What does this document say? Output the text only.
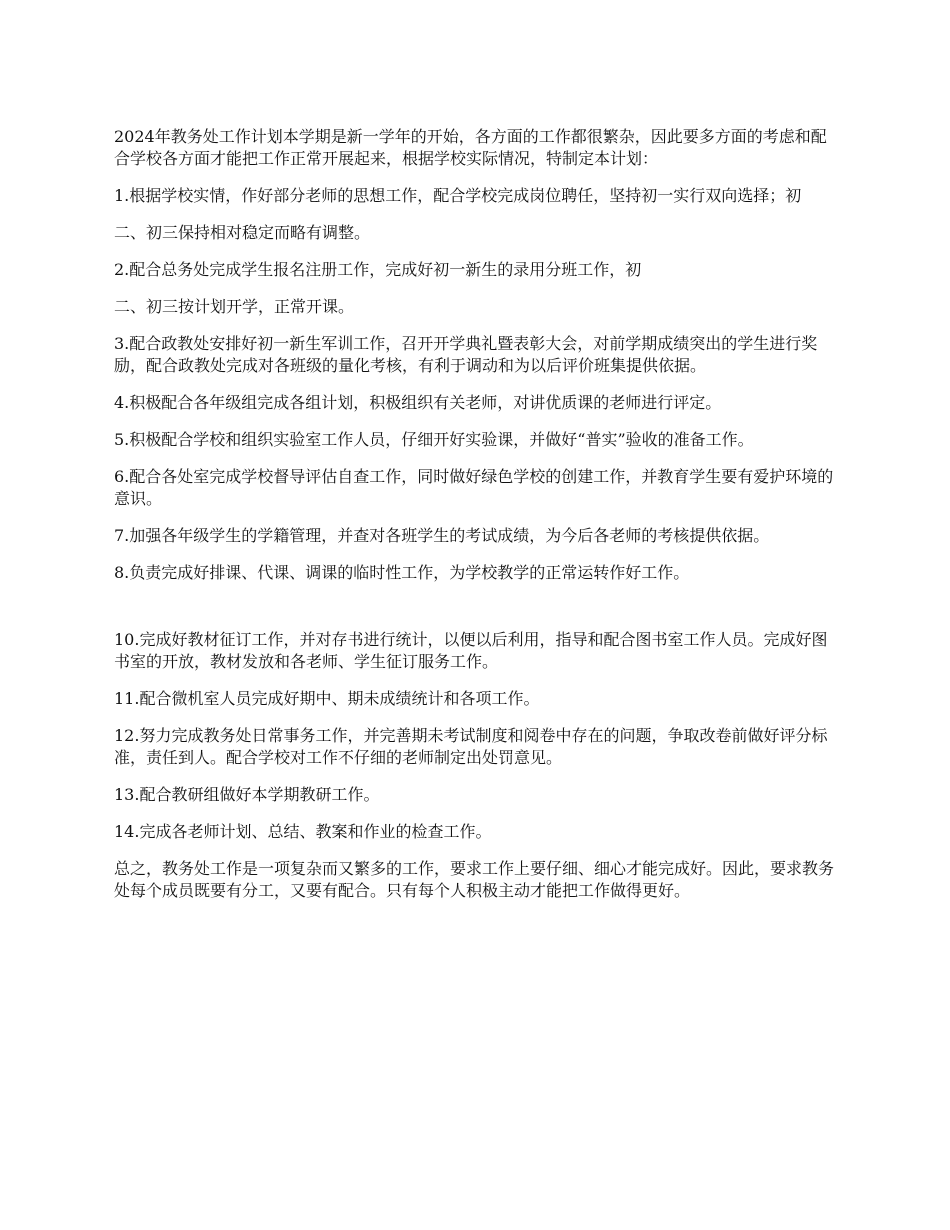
2024年教务处工作计划本学期是新一学年的开始，各方面的工作都很繁杂，因此要多方面的考虑和配合学校各方面才能把工作正常开展起来，根据学校实际情况，特制定本计划：

1.根据学校实情，作好部分老师的思想工作，配合学校完成岗位聘任，坚持初一实行双向选择；初

二、初三保持相对稳定而略有调整。

2.配合总务处完成学生报名注册工作，完成好初一新生的录用分班工作，初

二、初三按计划开学，正常开课。

3.配合政教处安排好初一新生军训工作，召开开学典礼暨表彰大会，对前学期成绩突出的学生进行奖励，配合政教处完成对各班级的量化考核，有利于调动和为以后评价班集提供依据。

4.积极配合各年级组完成各组计划，积极组织有关老师，对讲优质课的老师进行评定。

5.积极配合学校和组织实验室工作人员，仔细开好实验课，并做好“普实”验收的准备工作。

6.配合各处室完成学校督导评估自查工作，同时做好绿色学校的创建工作，并教育学生要有爱护环境的意识。

7.加强各年级学生的学籍管理，并查对各班学生的考试成绩，为今后各老师的考核提供依据。

8.负责完成好排课、代课、调课的临时性工作，为学校教学的正常运转作好工作。

10.完成好教材征订工作，并对存书进行统计，以便以后利用，指导和配合图书室工作人员。完成好图书室的开放，教材发放和各老师、学生征订服务工作。

11.配合微机室人员完成好期中、期未成绩统计和各项工作。

12.努力完成教务处日常事务工作，并完善期未考试制度和阅卷中存在的问题，争取改卷前做好评分标准，责任到人。配合学校对工作不仔细的老师制定出处罚意见。

13.配合教研组做好本学期教研工作。

14.完成各老师计划、总结、教案和作业的检查工作。

总之，教务处工作是一项复杂而又繁多的工作，要求工作上要仔细、细心才能完成好。因此，要求教务处每个成员既要有分工，又要有配合。只有每个人积极主动才能把工作做得更好。
